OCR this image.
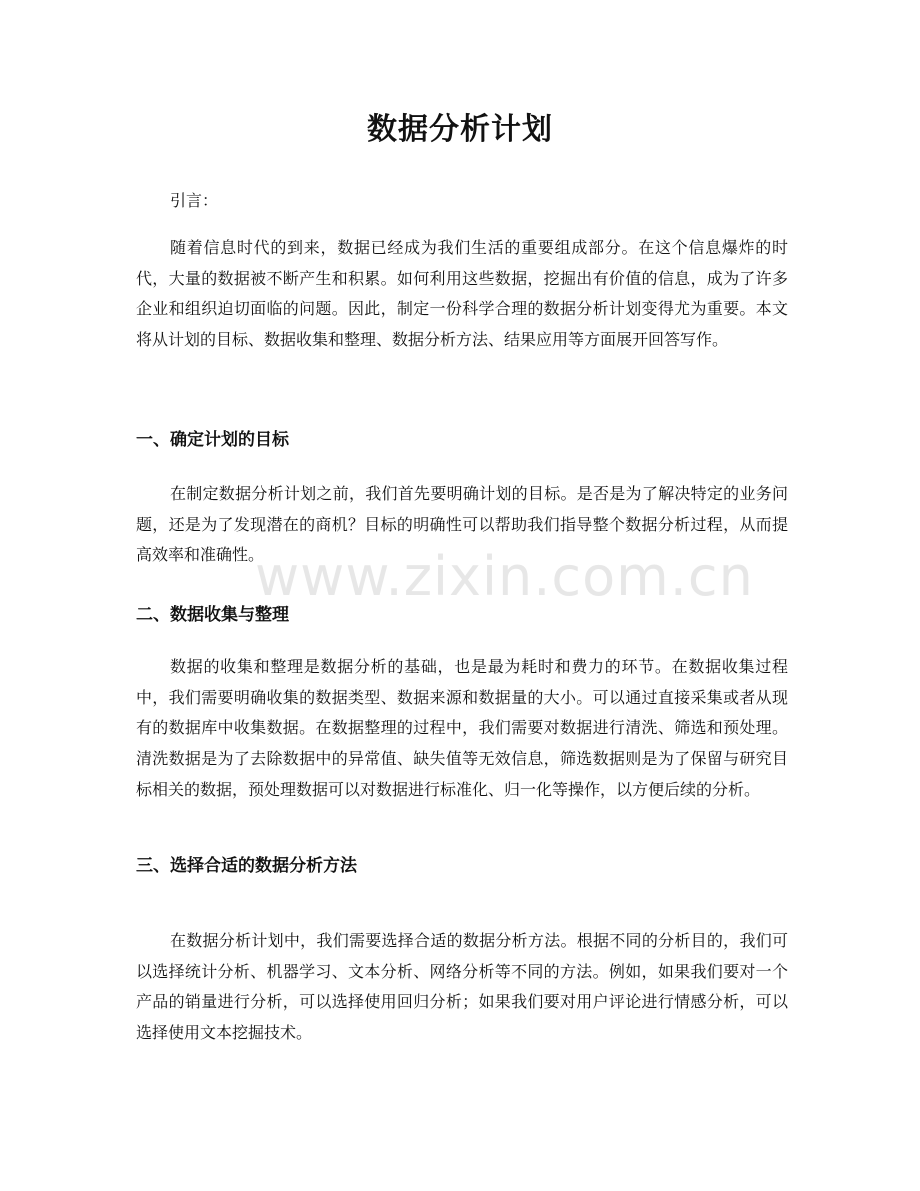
数据分析计划
引言：

随着信息时代的到来，数据已经成为我们生活的重要组成部分。在这个信息爆炸的时代，大量的数据被不断产生和积累。如何利用这些数据，挖掘出有价值的信息，成为了许多企业和组织迫切面临的问题。因此，制定一份科学合理的数据分析计划变得尤为重要。本文将从计划的目标、数据收集和整理、数据分析方法、结果应用等方面展开回答写作。

一、确定计划的目标

在制定数据分析计划之前，我们首先要明确计划的目标。是否是为了解决特定的业务问题，还是为了发现潜在的商机？目标的明确性可以帮助我们指导整个数据分析过程，从而提高效率和准确性。

二、数据收集与整理

数据的收集和整理是数据分析的基础，也是最为耗时和费力的环节。在数据收集过程中，我们需要明确收集的数据类型、数据来源和数据量的大小。可以通过直接采集或者从现有的数据库中收集数据。在数据整理的过程中，我们需要对数据进行清洗、筛选和预处理。清洗数据是为了去除数据中的异常值、缺失值等无效信息，筛选数据则是为了保留与研究目标相关的数据，预处理数据可以对数据进行标准化、归一化等操作，以方便后续的分析。

三、选择合适的数据分析方法

在数据分析计划中，我们需要选择合适的数据分析方法。根据不同的分析目的，我们可以选择统计分析、机器学习、文本分析、网络分析等不同的方法。例如，如果我们要对一个产品的销量进行分析，可以选择使用回归分析；如果我们要对用户评论进行情感分析，可以选择使用文本挖掘技术。

www.zixin.com.cn
